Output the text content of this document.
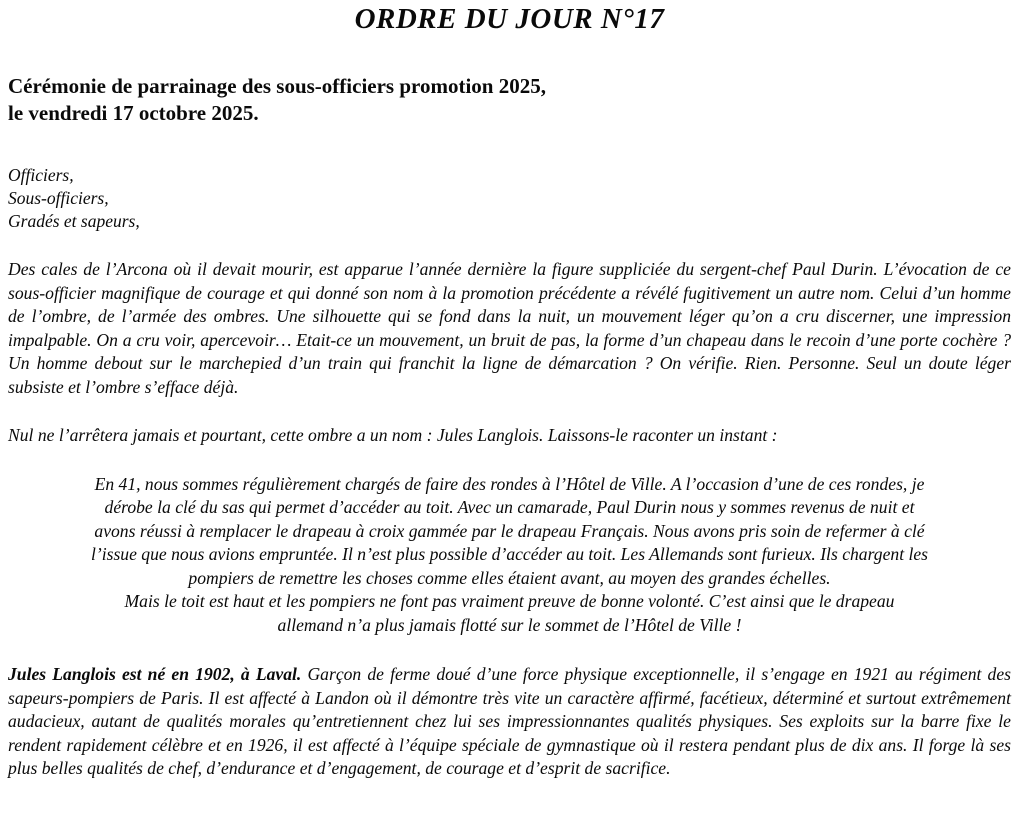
ORDRE DU JOUR N°17
Cérémonie de parrainage des sous-officiers promotion 2025,
le vendredi 17 octobre 2025.
Officiers,
Sous-officiers,
Gradés et sapeurs,

Des cales de l’Arcona où il devait mourir, est apparue l’année dernière la figure suppliciée du sergent-chef Paul Durin. L’évocation de ce sous-officier magnifique de courage et qui donné son nom à la promotion précédente a révélé fugitivement un autre nom. Celui d’un homme de l’ombre, de l’armée des ombres. Une silhouette qui se fond dans la nuit, un mouvement léger qu’on a cru discerner, une impression impalpable. On a cru voir, apercevoir… Etait-ce un mouvement, un bruit de pas, la forme d’un chapeau dans le recoin d’une porte cochère ? Un homme debout sur le marchepied d’un train qui franchit la ligne de démarcation ? On vérifie. Rien. Personne. Seul un doute léger subsiste et l’ombre s’efface déjà.

Nul ne l’arrêtera jamais et pourtant, cette ombre a un nom : Jules Langlois. Laissons-le raconter un instant :

En 41, nous sommes régulièrement chargés de faire des rondes à l’Hôtel de Ville. A l’occasion d’une de ces rondes, je
dérobe la clé du sas qui permet d’accéder au toit. Avec un camarade, Paul Durin nous y sommes revenus de nuit et
avons réussi à remplacer le drapeau à croix gammée par le drapeau Français. Nous avons pris soin de refermer à clé
l’issue que nous avions empruntée. Il n’est plus possible d’accéder au toit. Les Allemands sont furieux. Ils chargent les
pompiers de remettre les choses comme elles étaient avant, au moyen des grandes échelles.
Mais le toit est haut et les pompiers ne font pas vraiment preuve de bonne volonté. C’est ainsi que le drapeau
allemand n’a plus jamais flotté sur le sommet de l’Hôtel de Ville !

Jules Langlois est né en 1902, à Laval. Garçon de ferme doué d’une force physique exceptionnelle, il s’engage en 1921 au régiment des sapeurs-pompiers de Paris. Il est affecté à Landon où il démontre très vite un caractère affirmé, facétieux, déterminé et surtout extrêmement audacieux, autant de qualités morales qu’entretiennent chez lui ses impressionnantes qualités physiques. Ses exploits sur la barre fixe le rendent rapidement célèbre et en 1926, il est affecté à l’équipe spéciale de gymnastique où il restera pendant plus de dix ans. Il forge là ses plus belles qualités de chef, d’endurance et d’engagement, de courage et d’esprit de sacrifice.
